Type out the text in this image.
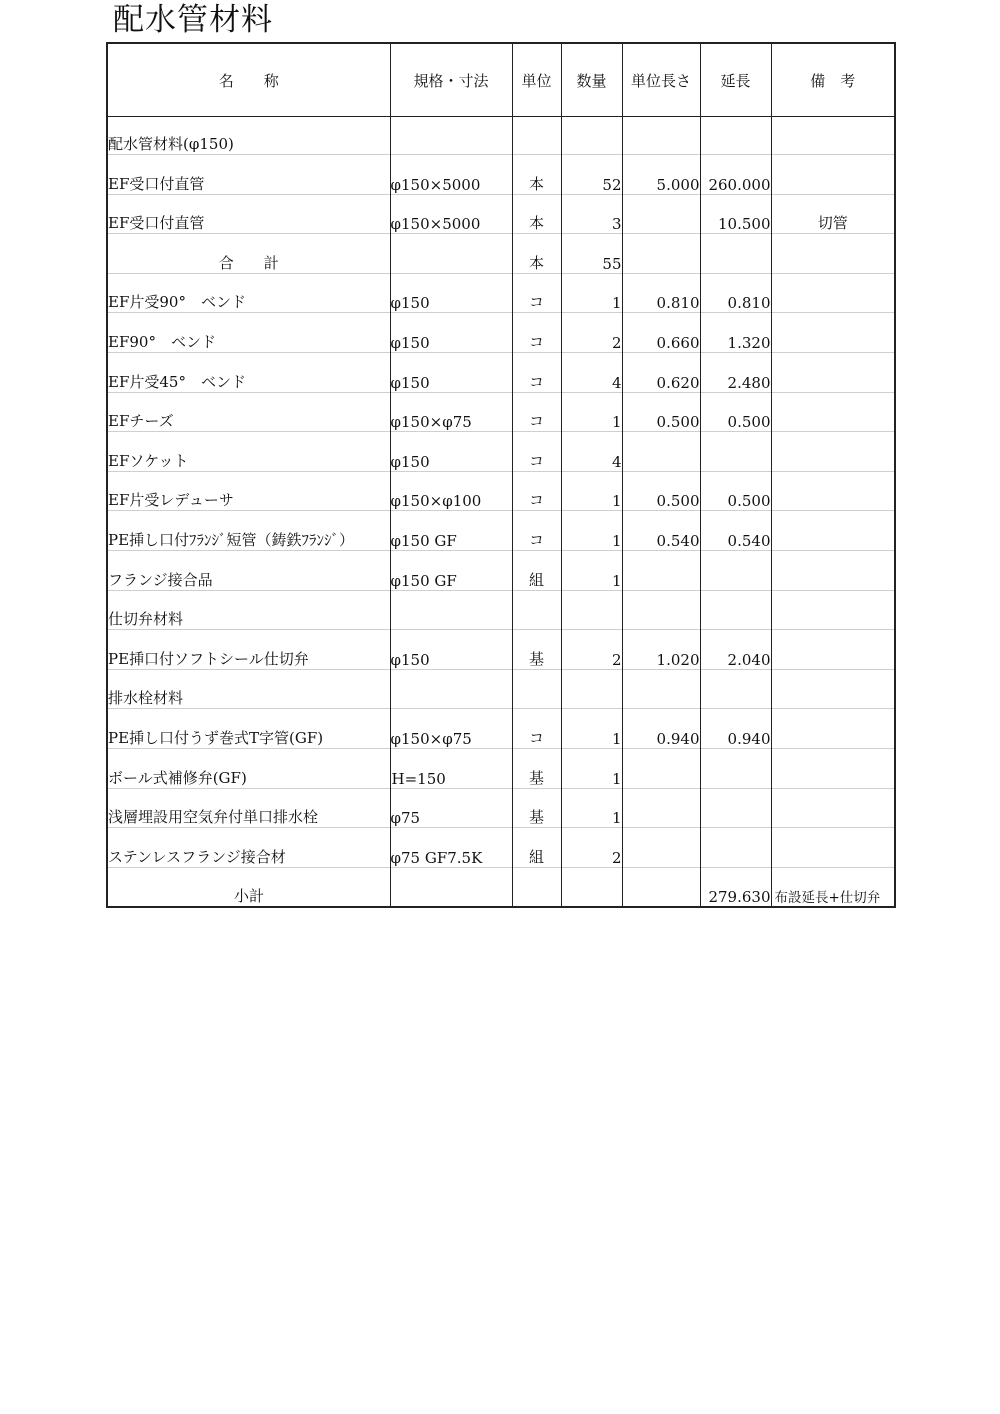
配水管材料
名　　称	規格・寸法	単位	数量	単位長さ	延長	備　考
配水管材料(φ150)						
EF受口付直管	φ150×5000	本	52	5.000	260.000	
EF受口付直管	φ150×5000	本	3		10.500	切管
合　　計		本	55			
EF片受90°　ベンド	φ150	コ	1	0.810	0.810	
EF90°　ベンド	φ150	コ	2	0.660	1.320	
EF片受45°　ベンド	φ150	コ	4	0.620	2.480	
EFチーズ	φ150×φ75	コ	1	0.500	0.500	
EFソケット	φ150	コ	4			
EF片受レデューサ	φ150×φ100	コ	1	0.500	0.500	
PE挿し口付ﾌﾗﾝｼﾞ短管（鋳鉄ﾌﾗﾝｼﾞ）	φ150 GF	コ	1	0.540	0.540	
フランジ接合品	φ150 GF	組	1			
仕切弁材料						
PE挿口付ソフトシール仕切弁	φ150	基	2	1.020	2.040	
排水栓材料						
PE挿し口付うず巻式T字管(GF)	φ150×φ75	コ	1	0.940	0.940	
ボール式補修弁(GF)	H=150	基	1			
浅層埋設用空気弁付単口排水栓	φ75	基	1			
ステンレスフランジ接合材	φ75 GF7.5K	組	2			
小計					279.630	布設延長+仕切弁
